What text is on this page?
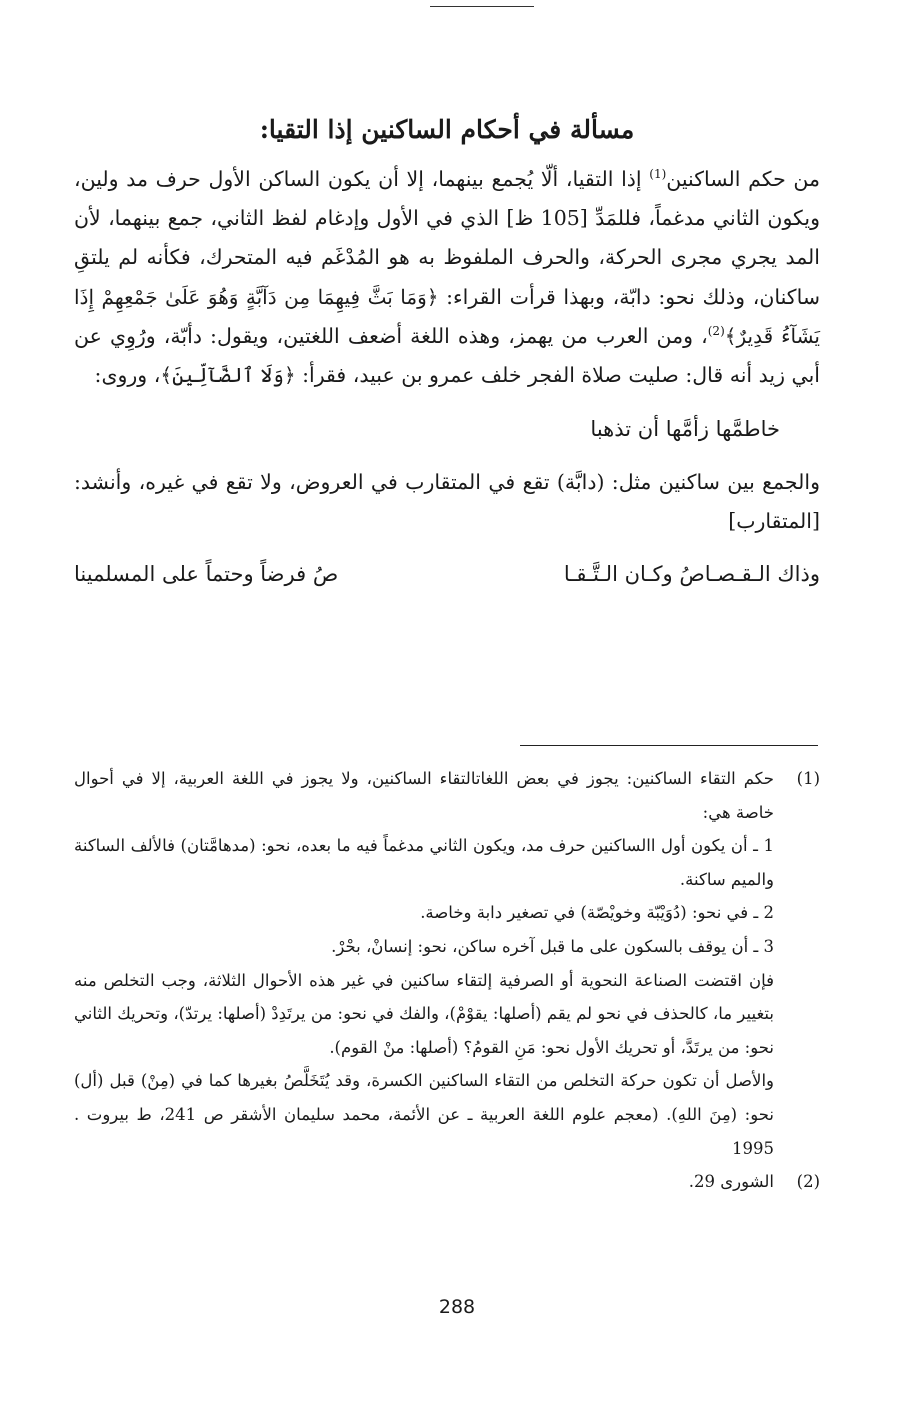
مسألة في أحكام الساكنين إذا التقيا:

من حكم الساكنين$^{(1)}$ إذا التقيا، ألّا يُجمع بينهما، إلا أن يكون الساكن الأول حرف مد ولين، ويكون الثاني مدغماً، فللمَدِّ [105 ظ] الذي في الأول وإدغام لفظ الثاني، جمع بينهما، لأن المد يجري مجرى الحركة، والحرف الملفوظ به هو المُدْغَم فيه المتحرك، فكأنه لم يلتقِ ساكنان، وذلك نحو: دابّة، وبهذا قرأت القراء: ﴿وَمَا بَثَّ فِيهِمَا مِن دَآبَّةٍ وَهُوَ عَلَىٰ جَمْعِهِمْ إِذَا يَشَآءُ قَدِيرٌ﴾$^{(2)}$، ومن العرب من يهمز، وهذه اللغة أضعف اللغتين، ويقول: دأبّة، ورُوِي عن أبي زيد أنه قال: صليت صلاة الفجر خلف عمرو بن عبيد، فقرأ: ﴿وَلَا ٱلضَّآلِّينَ﴾، وروى:

خاطمَّها زأمَّها أن تذهبا

والجمع بين ساكنين مثل: (دابَّة) تقع في المتقارب في العروض، ولا تقع في غيره، وأنشد: [المتقارب]

وذاك الـقـصـاصُ وكـان الـتَّـقـا
صُ فرضاً وحتماً على المسلمينا
(1)

حكم التقاء الساكنين: يجوز في بعض اللغاتالتقاء الساكنين، ولا يجوز في اللغة العربية، إلا في أحوال خاصة هي:

1 ـ أن يكون أول االساكنين حرف مد، ويكون الثاني مدغماً فيه ما بعده، نحو: (مدهامَّتان) فالألف الساكنة والميم ساكنة.

2 ـ في نحو: (دُوَيْبّة وخويْصّة) في تصغير دابة وخاصة.

3 ـ أن يوقف بالسكون على ما قبل آخره ساكن، نحو: إنسانْ، بحْرْ.

فإن اقتضت الصناعة النحوية أو الصرفية إلتقاء ساكنين في غير هذه الأحوال الثلاثة، وجب التخلص منه بتغيير ما، كالحذف في نحو لم يقم (أصلها: يقوْمْ)، والفك في نحو: من يرتَدِدْ (أصلها: يرتدّ)، وتحريك الثاني نحو: من يرتَدَّ، أو تحريك الأول نحو: مَنِ القومُ؟ (أصلها: منْ القوم).

والأصل أن تكون حركة التخلص من التقاء الساكنين الكسرة، وقد يُتَخَلَّصُ بغيرها كما في (مِنْ) قبل (أل) نحو: (مِنَ اللهِ). (معجم علوم اللغة العربية ـ عن الأئمة، محمد سليمان الأشقر ص 241، ط بيروت . 1995

(2)
الشورى 29.
288
